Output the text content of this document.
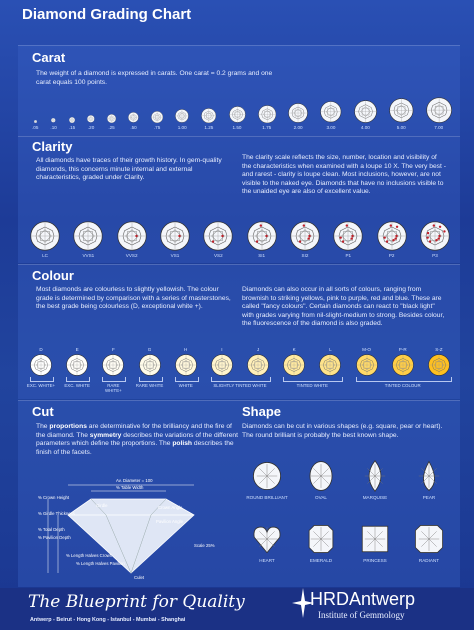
Diamond Grading Chart
Carat
The weight of a diamond is expressed in carats. One carat = 0.2 grams and one carat equals 100 points.
.05	.10	.15	.20	.25	.50	.75	1.00	1.25	1.50	1.75	2.00	3.00	4.00	5.00	7.00
Clarity
All diamonds have traces of their growth history. In gem-quality diamonds, this concerns minute internal and external characteristics, graded under Clarity.
The clarity scale reflects the size, number, location and visibility of the characteristics when examined with a loupe 10 X. The very best - and rarest - clarity is loupe clean. Most inclusions, however, are not visible to the naked eye. Diamonds that have no inclusions visible to the unaided eye are also of excellent value.
LC	VVS1	VVS2	VS1	VS2	SI1	SI2	P1	P2	P3
Colour
Most diamonds are colourless to slightly yellowish. The colour grade is determined by comparison with a series of masterstones, the best grade being colourless (D, exceptional white +).
Diamonds can also occur in all sorts of colours, ranging from brownish to striking yellows, pink to purple, red and blue. These are called "fancy colours". Certain diamonds can react to "black light" with grades varying from nil-slight-medium to strong. Besides colour, the fluorescence of the diamond is also graded.
D	E	F	G	H	I	J	K	L	M-O	P-R	S-Z
EXC. WHITE+	EXC. WHITE	RARE WHITE+
RARE WHITE	WHITE	SLIGHTLY TINTED WHITE	TINTED WHITE	TINTED COLOUR
Cut
The proportions are determinative for the brilliancy and the fire of the diamond. The symmetry describes the variations of the different parameters which define the proportions. The polish describes the finish of the facets.
Av. Diameter = 100
% Table Width
% Crown Height
Crown Angle
Girdle
Pavilion Angle
Culet
% Pavilion Depth
% Total Depth
% Girdle Thickness
% Length Halves Crown
% Length Halves Pavilion
Scale 25%
Shape
Diamonds can be cut in various shapes (e.g. square, pear or heart). The round brilliant is probably the best known shape.
ROUND BRILLIANT	OVAL	MARQUISE	PEAR
HEART	EMERALD	PRINCESS	RADIANT
The Blueprint for Quality
Antwerp - Beirut - Hong Kong - Istanbul - Mumbai - Shanghai
HRDAntwerp
Institute of Gemmology
